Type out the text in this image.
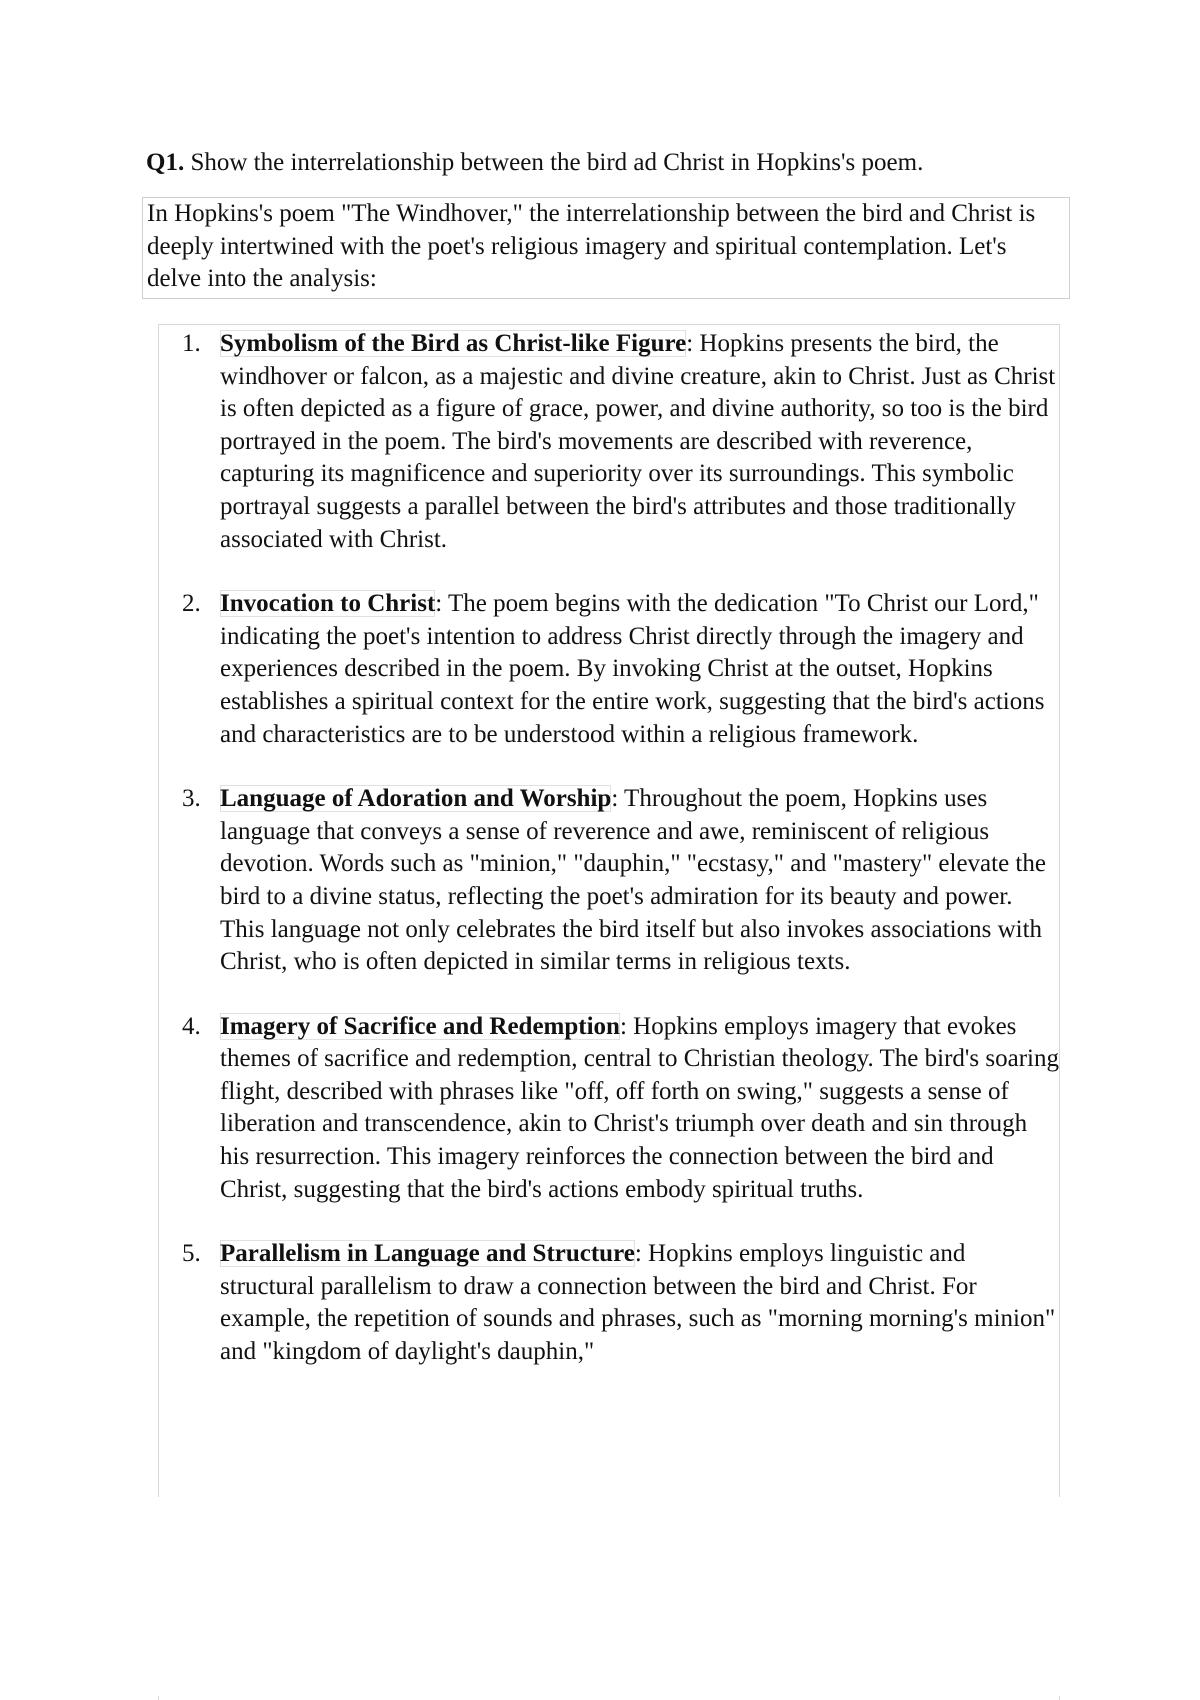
Q1. Show the interrelationship between the bird ad Christ in Hopkins's poem.
In Hopkins's poem "The Windhover," the interrelationship between the bird and Christ is deeply intertwined with the poet's religious imagery and spiritual contemplation. Let's delve into the analysis:
1. Symbolism of the Bird as Christ-like Figure: Hopkins presents the bird, the windhover or falcon, as a majestic and divine creature, akin to Christ. Just as Christ is often depicted as a figure of grace, power, and divine authority, so too is the bird portrayed in the poem. The bird's movements are described with reverence, capturing its magnificence and superiority over its surroundings. This symbolic portrayal suggests a parallel between the bird's attributes and those traditionally associated with Christ.
2. Invocation to Christ: The poem begins with the dedication "To Christ our Lord," indicating the poet's intention to address Christ directly through the imagery and experiences described in the poem. By invoking Christ at the outset, Hopkins establishes a spiritual context for the entire work, suggesting that the bird's actions and characteristics are to be understood within a religious framework.
3. Language of Adoration and Worship: Throughout the poem, Hopkins uses language that conveys a sense of reverence and awe, reminiscent of religious devotion. Words such as "minion," "dauphin," "ecstasy," and "mastery" elevate the bird to a divine status, reflecting the poet's admiration for its beauty and power. This language not only celebrates the bird itself but also invokes associations with Christ, who is often depicted in similar terms in religious texts.
4. Imagery of Sacrifice and Redemption: Hopkins employs imagery that evokes themes of sacrifice and redemption, central to Christian theology. The bird's soaring flight, described with phrases like "off, off forth on swing," suggests a sense of liberation and transcendence, akin to Christ's triumph over death and sin through his resurrection. This imagery reinforces the connection between the bird and Christ, suggesting that the bird's actions embody spiritual truths.
5. Parallelism in Language and Structure: Hopkins employs linguistic and structural parallelism to draw a connection between the bird and Christ. For example, the repetition of sounds and phrases, such as "morning morning's minion" and "kingdom of daylight's dauphin,"
